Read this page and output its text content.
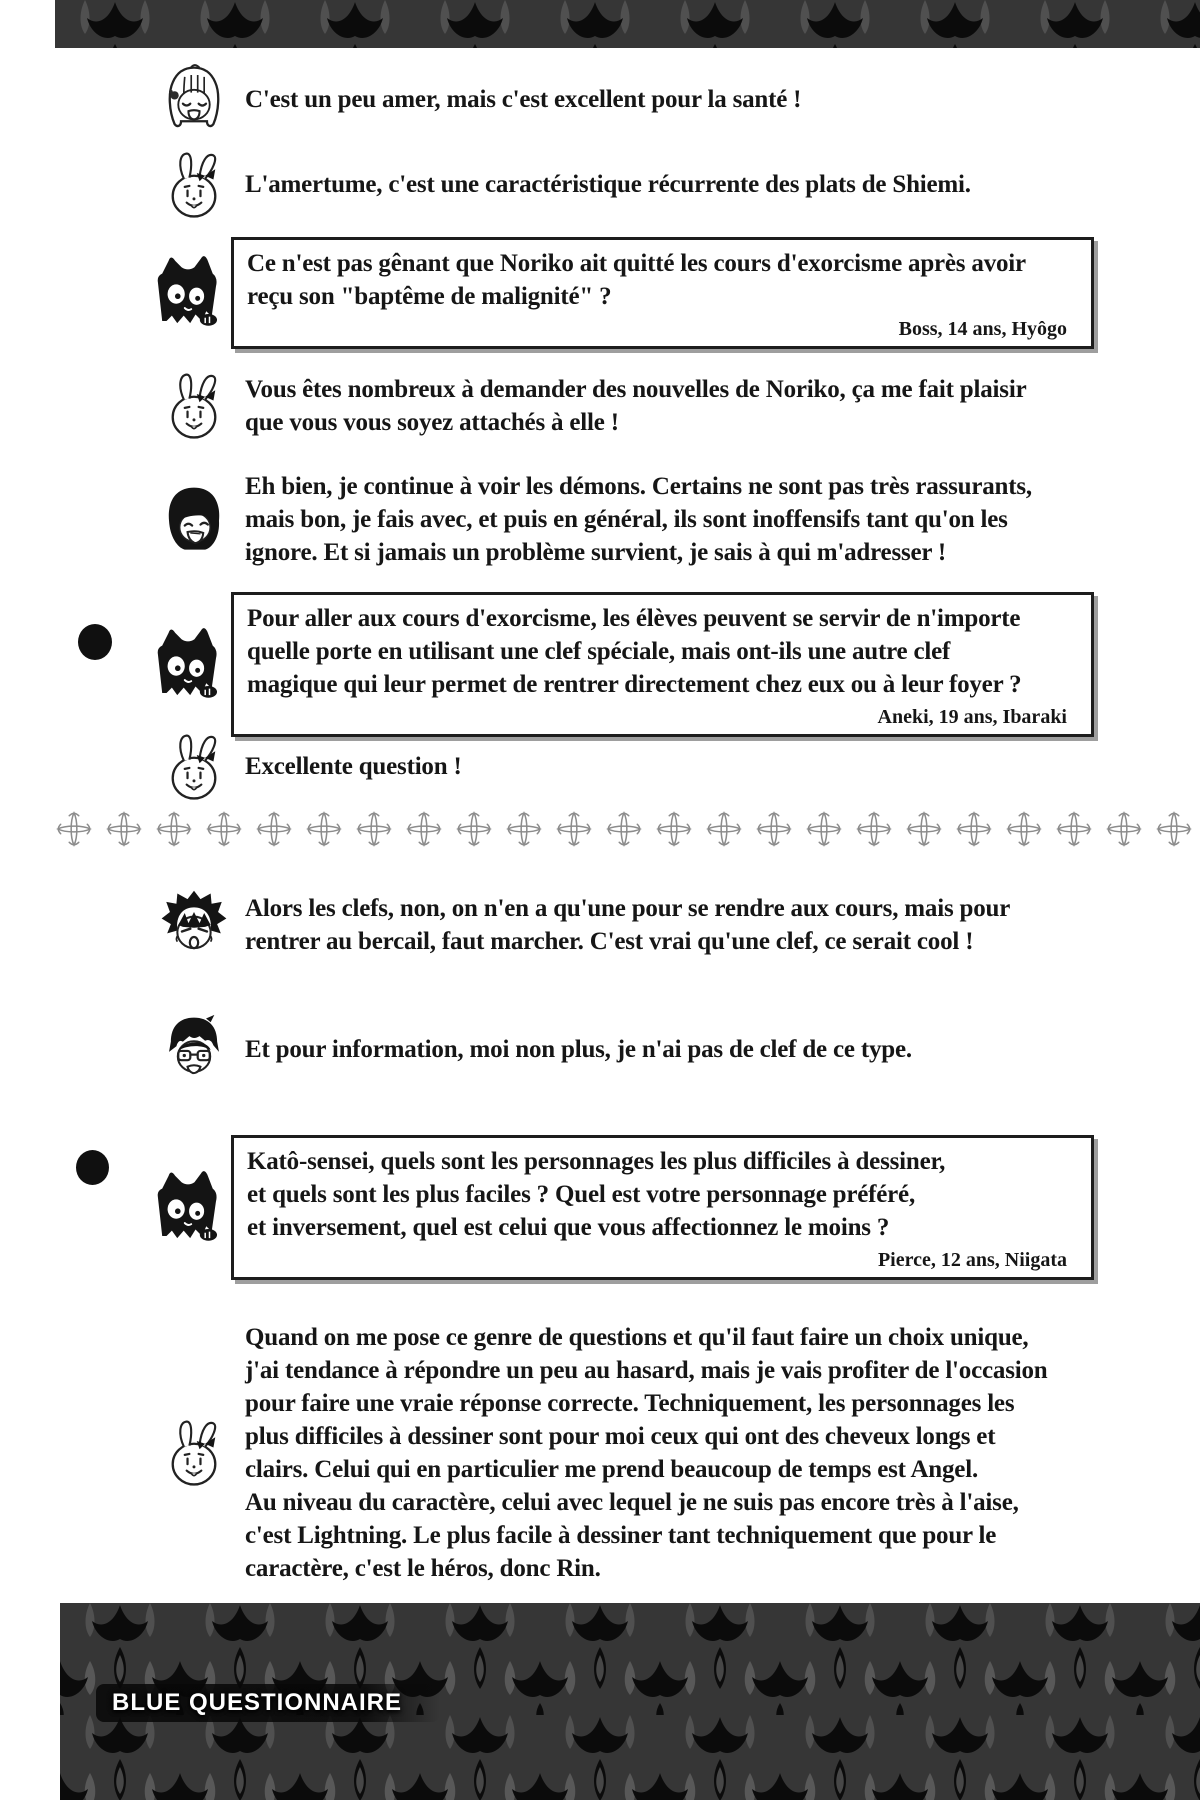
C'est un peu amer, mais c'est excellent pour la santé !
L'amertume, c'est une caractéristique récurrente des plats de Shiemi.
Ce n'est pas gênant que Noriko ait quitté les cours d'exorcisme après avoir
reçu son "baptême de malignité" ?
Boss, 14 ans, Hyôgo
Vous êtes nombreux à demander des nouvelles de Noriko, ça me fait plaisir
que vous vous soyez attachés à elle !
Eh bien, je continue à voir les démons. Certains ne sont pas très rassurants,
mais bon, je fais avec, et puis en général, ils sont inoffensifs tant qu'on les
ignore. Et si jamais un problème survient, je sais à qui m'adresser !
Pour aller aux cours d'exorcisme, les élèves peuvent se servir de n'importe
quelle porte en utilisant une clef spéciale, mais ont-ils une autre clef
magique qui leur permet de rentrer directement chez eux ou à leur foyer ?
Aneki, 19 ans, Ibaraki
Excellente question !
Alors les clefs, non, on n'en a qu'une pour se rendre aux cours, mais pour
rentrer au bercail, faut marcher. C'est vrai qu'une clef, ce serait cool !
Et pour information, moi non plus, je n'ai pas de clef de ce type.
Katô-sensei, quels sont les personnages les plus difficiles à dessiner,
et quels sont les plus faciles ? Quel est votre personnage préféré,
et inversement, quel est celui que vous affectionnez le moins ?
Pierce, 12 ans, Niigata
Quand on me pose ce genre de questions et qu'il faut faire un choix unique,
j'ai tendance à répondre un peu au hasard, mais je vais profiter de l'occasion
pour faire une vraie réponse correcte. Techniquement, les personnages les
plus difficiles à dessiner sont pour moi ceux qui ont des cheveux longs et
clairs. Celui qui en particulier me prend beaucoup de temps est Angel.
Au niveau du caractère, celui avec lequel je ne suis pas encore très à l'aise,
c'est Lightning. Le plus facile à dessiner tant techniquement que pour le
caractère, c'est le héros, donc Rin.
BLUE QUESTIONNAIRE
